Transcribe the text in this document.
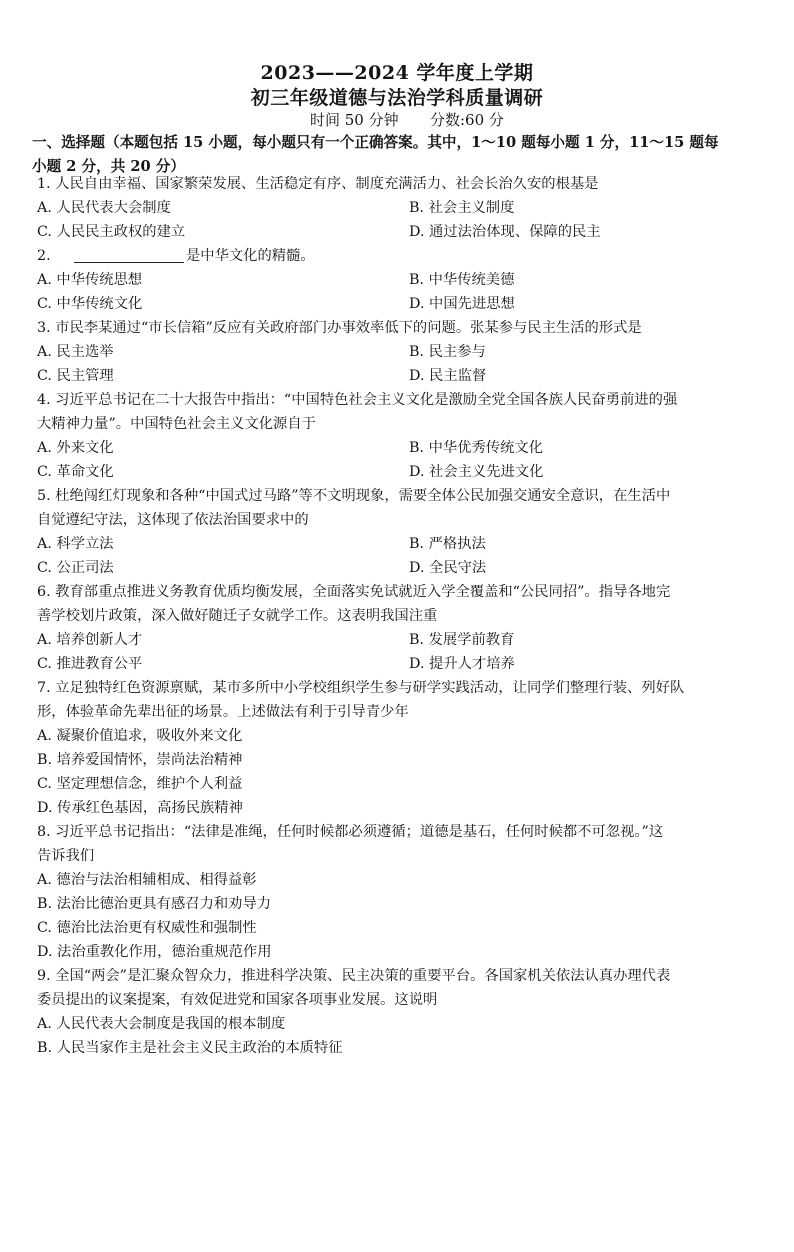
2023——2024 学年度上学期
初三年级道德与法治学科质量调研
时间 50 分钟 分数:60 分
一、选择题（本题包括 15 小题，每小题只有一个正确答案。其中，1～10 题每小题 1 分，11～15 题每
小题 2 分，共 20 分）
1. 人民自由幸福、国家繁荣发展、生活稳定有序、制度充满活力、社会长治久安的根基是
A. 人民代表大会制度	B. 社会主义制度
C. 人民民主政权的建立	D. 通过法治体现、保障的民主
2.	是中华文化的精髓。
A. 中华传统思想	B. 中华传统美德
C. 中华传统文化	D. 中国先进思想
3. 市民李某通过“市长信箱”反应有关政府部门办事效率低下的问题。张某参与民主生活的形式是
A. 民主选举	B. 民主参与
C. 民主管理	D. 民主监督
4. 习近平总书记在二十大报告中指出：“中国特色社会主义文化是激励全党全国各族人民奋勇前进的强
大精神力量”。中国特色社会主义文化源自于
A. 外来文化	B. 中华优秀传统文化
C. 革命文化	D. 社会主义先进文化
5. 杜绝闯红灯现象和各种“中国式过马路”等不文明现象，需要全体公民加强交通安全意识，在生活中
自觉遵纪守法，这体现了依法治国要求中的
A. 科学立法	B. 严格执法
C. 公正司法	D. 全民守法
6. 教育部重点推进义务教育优质均衡发展，全面落实免试就近入学全覆盖和“公民同招”。指导各地完
善学校划片政策，深入做好随迁子女就学工作。这表明我国注重
A. 培养创新人才	B. 发展学前教育
C. 推进教育公平	D. 提升人才培养
7. 立足独特红色资源禀赋，某市多所中小学校组织学生参与研学实践活动，让同学们整理行装、列好队
形，体验革命先辈出征的场景。上述做法有利于引导青少年
A. 凝聚价值追求，吸收外来文化
B. 培养爱国情怀，崇尚法治精神
C. 坚定理想信念，维护个人利益
D. 传承红色基因，高扬民族精神
8. 习近平总书记指出：“法律是准绳，任何时候都必须遵循；道德是基石，任何时候都不可忽视。”这
告诉我们
A. 德治与法治相辅相成、相得益彰
B. 法治比德治更具有感召力和劝导力
C. 德治比法治更有权威性和强制性
D. 法治重教化作用，德治重规范作用
9. 全国“两会”是汇聚众智众力，推进科学决策、民主决策的重要平台。各国家机关依法认真办理代表
委员提出的议案提案，有效促进党和国家各项事业发展。这说明
A. 人民代表大会制度是我国的根本制度
B. 人民当家作主是社会主义民主政治的本质特征
